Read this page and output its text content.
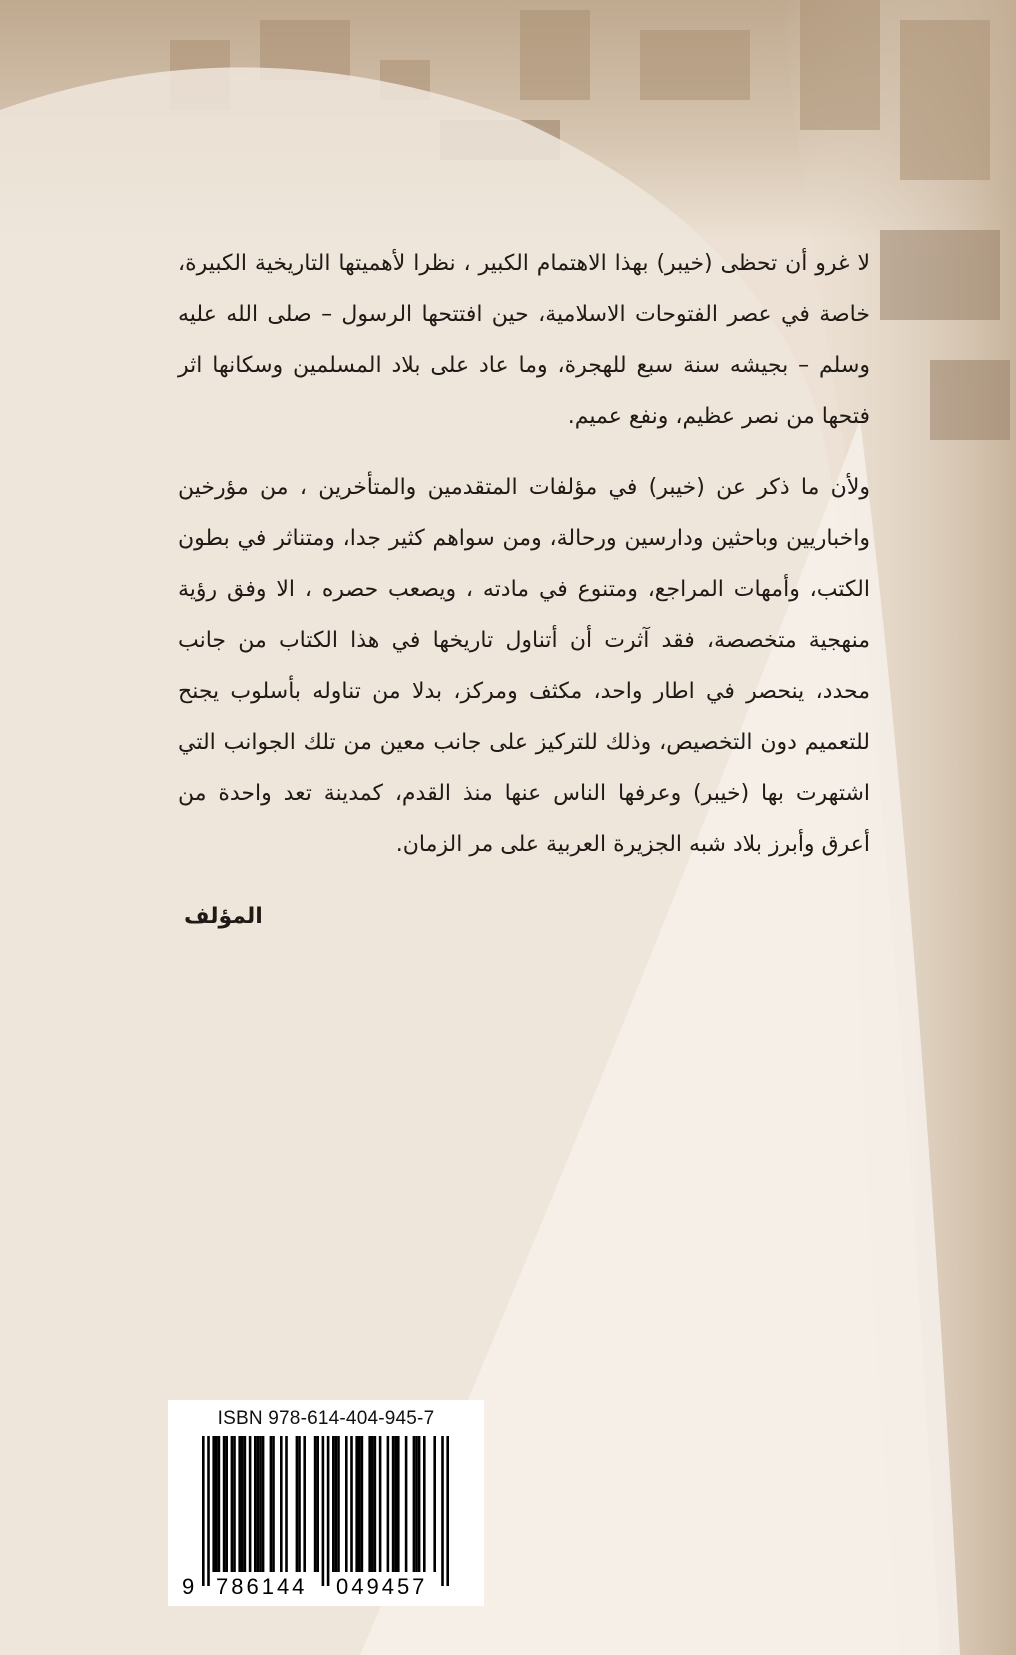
لا غرو أن تحظى (خيبر) بهذا الاهتمام الكبير ، نظرا لأهميتها التاريخية الكبيرة، خاصة في عصر الفتوحات الاسلامية، حين افتتحها الرسول – صلى الله عليه وسلم – بجيشه سنة سبع للهجرة، وما عاد على بلاد المسلمين وسكانها اثر فتحها من نصر عظيم، ونفع عميم.

ولأن ما ذكر عن (خيبر) في مؤلفات المتقدمين والمتأخرين ، من مؤرخين واخباريين وباحثين ودارسين ورحالة، ومن سواهم كثير جدا، ومتناثر في بطون الكتب، وأمهات المراجع، ومتنوع في مادته ، ويصعب حصره ، الا وفق رؤية منهجية متخصصة، فقد آثرت أن أتناول تاريخها في هذا الكتاب من جانب محدد، ينحصر في اطار واحد، مكثف ومركز، بدلا من تناوله بأسلوب يجنح للتعميم دون التخصيص، وذلك للتركيز على جانب معين من تلك الجوانب التي اشتهرت بها (خيبر) وعرفها الناس عنها منذ القدم، كمدينة تعد واحدة من أعرق وأبرز بلاد شبه الجزيرة العربية على مر الزمان.

المؤلف
ISBN 978-614-404-945-7
9 786144 049457
